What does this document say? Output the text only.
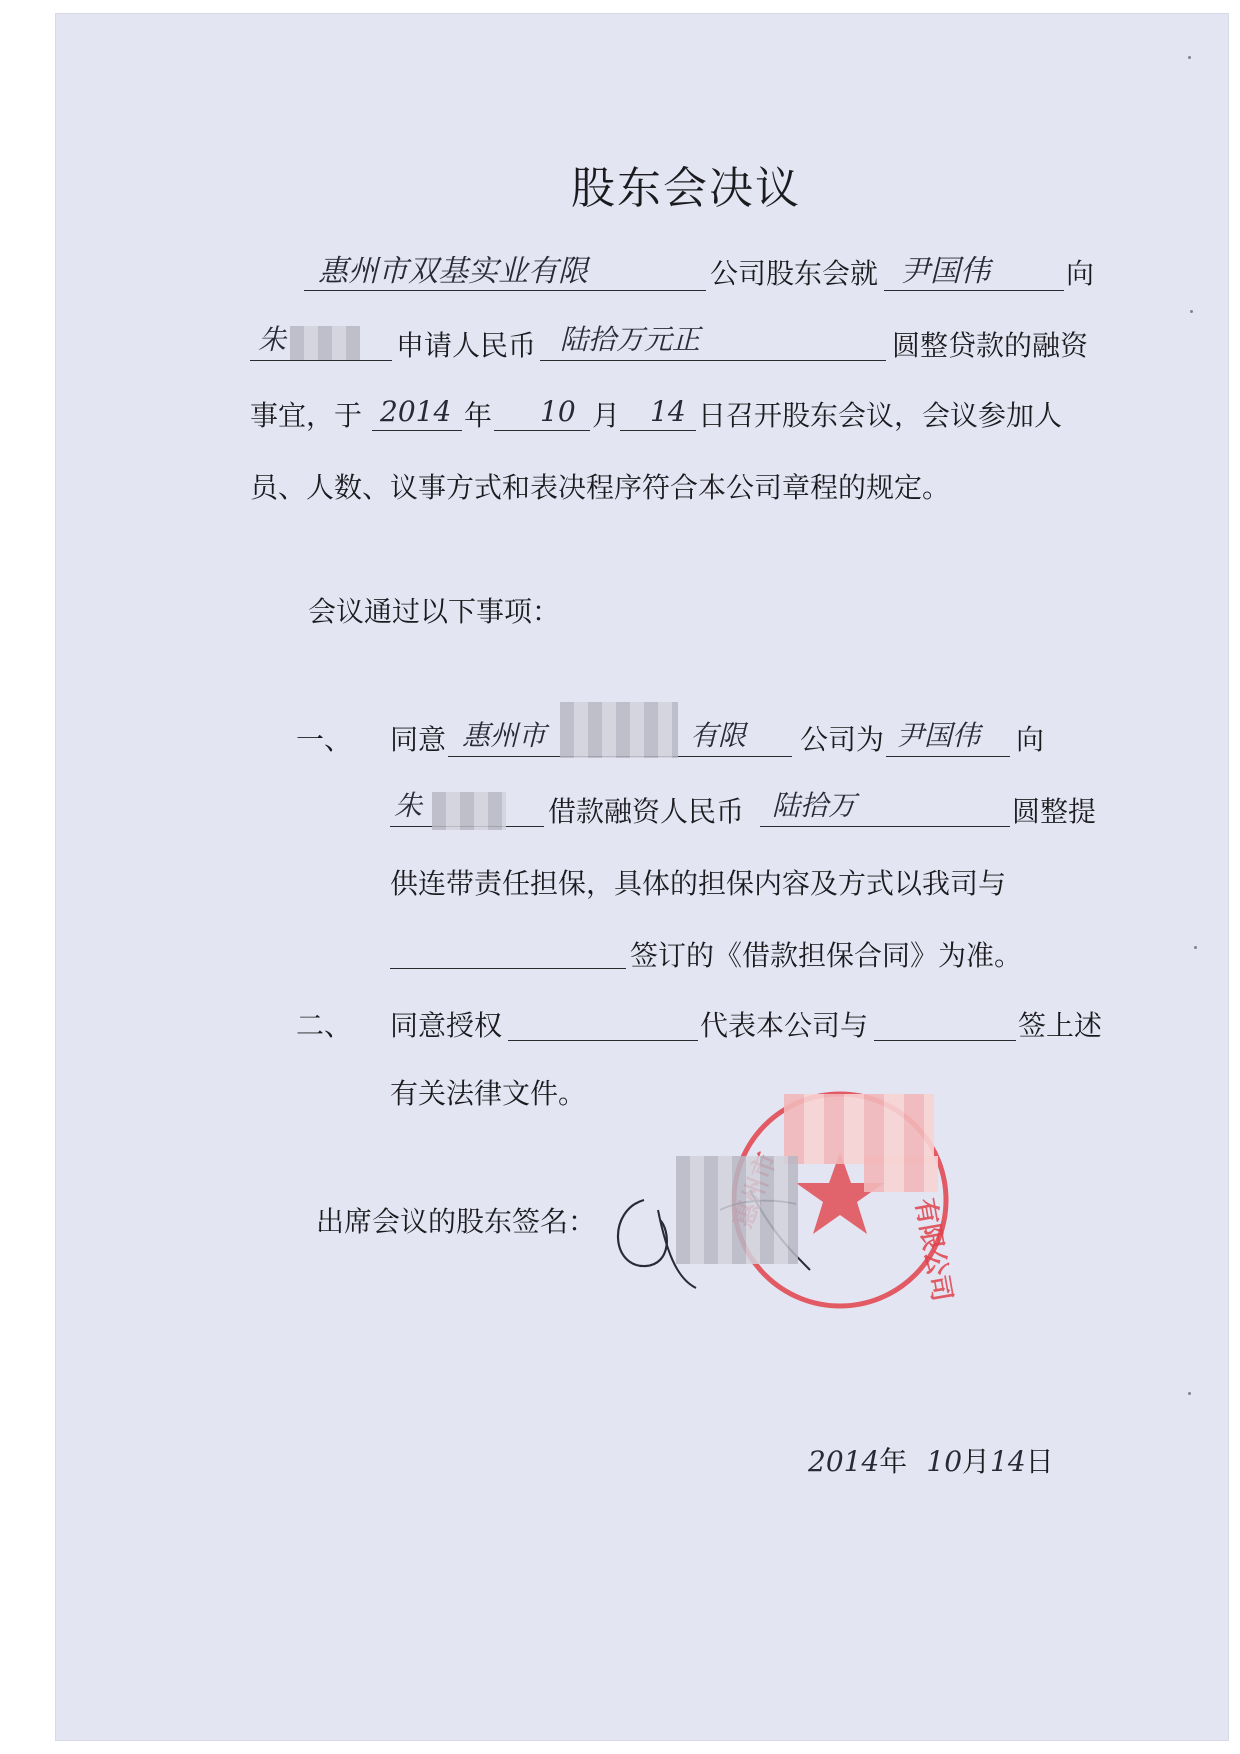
股东会决议
惠州市双基实业有限	公司股东会就 尹国伟	向
朱	申请人民币 陆拾万元正	圆整贷款的融资
事宜，于 2014 年 10 月 14 日召开股东会议，会议参加人
员、人数、议事方式和表决程序符合本公司章程的规定。
会议通过以下事项：
一、 同意 惠州市	有限 公司为 尹国伟 向
朱	借款融资人民币 陆拾万	圆整提
供连带责任担保，具体的担保内容及方式以我司与
签订的《借款担保合同》为准。
二、 同意授权	代表本公司与	签上述
有关法律文件。
出席会议的股东签名：	有限公司
2014年 10月14日
